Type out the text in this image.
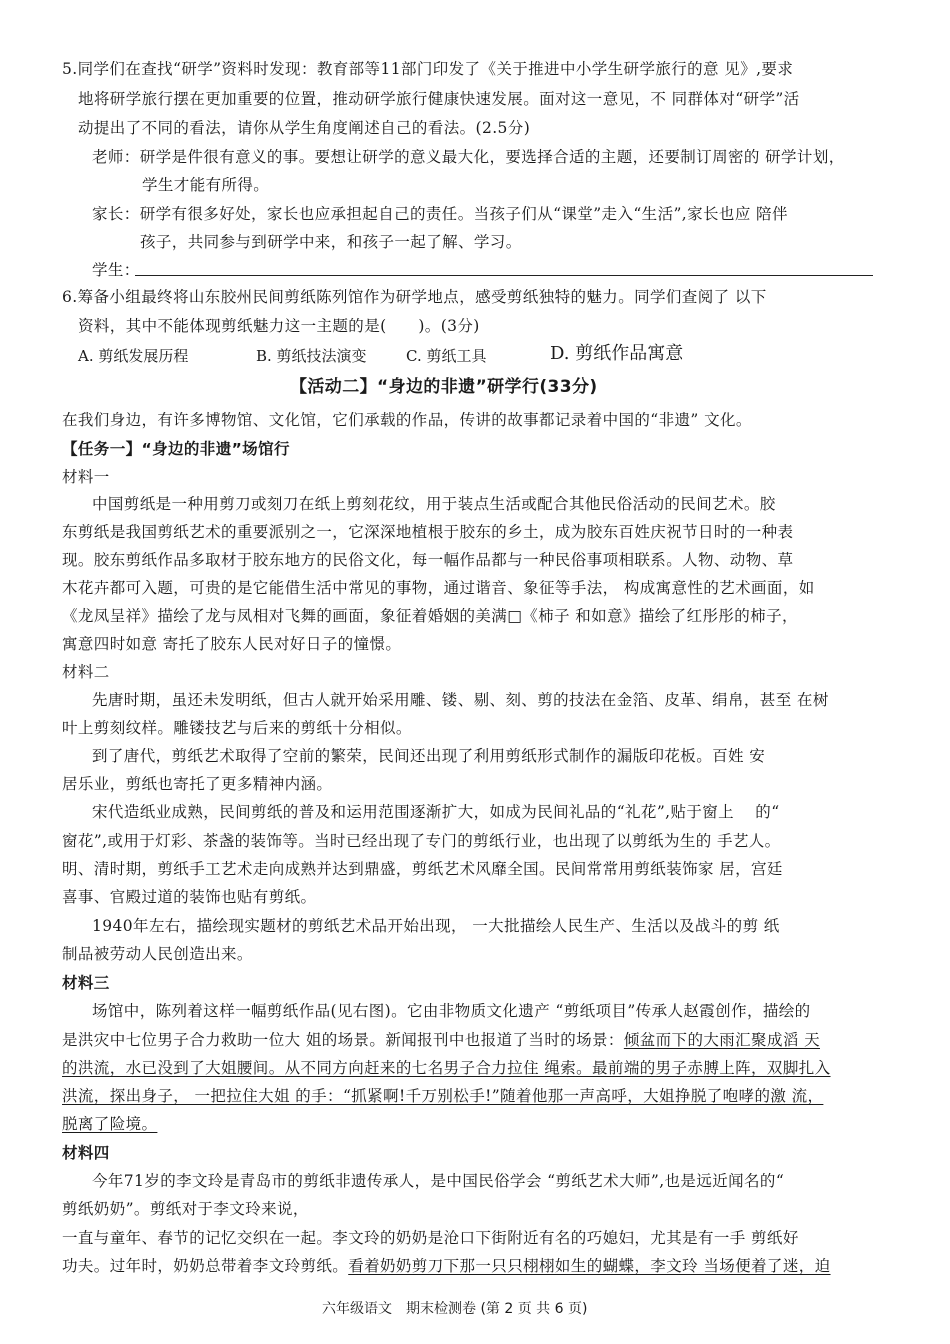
5.同学们在查找“研学”资料时发现：教育部等11部门印发了《关于推进中小学生研学旅行的意 见》,要求
地将研学旅行摆在更加重要的位置，推动研学旅行健康快速发展。面对这一意见，不 同群体对“研学”活
动提出了不同的看法，请你从学生角度阐述自己的看法。(2.5分)
老师：研学是件很有意义的事。要想让研学的意义最大化，要选择合适的主题，还要制订周密的 研学计划，
学生才能有所得。
家长：研学有很多好处，家长也应承担起自己的责任。当孩子们从“课堂”走入“生活”,家长也应 陪伴
孩子，共同参与到研学中来，和孩子一起了解、学习。
学生：
6.筹备小组最终将山东胶州民间剪纸陈列馆作为研学地点，感受剪纸独特的魅力。同学们查阅了 以下
资料，其中不能体现剪纸魅力这一主题的是(　　)。(3分)
A. 剪纸发展历程	B. 剪纸技法演变	C. 剪纸工具	D. 剪纸作品寓意
【活动二】“身边的非遗”研学行(33分)
在我们身边，有许多博物馆、文化馆，它们承载的作品，传讲的故事都记录着中国的“非遗” 文化。
【任务一】“身边的非遗”场馆行
材料一
中国剪纸是一种用剪刀或刻刀在纸上剪刻花纹，用于装点生活或配合其他民俗活动的民间艺术。胶
东剪纸是我国剪纸艺术的重要派别之一，它深深地植根于胶东的乡土，成为胶东百姓庆祝节日时的一种表
现。胶东剪纸作品多取材于胶东地方的民俗文化，每一幅作品都与一种民俗事项相联系。人物、动物、草
木花卉都可入题，可贵的是它能借生活中常见的事物，通过谐音、象征等手法， 构成寓意性的艺术画面，如
《龙凤呈祥》描绘了龙与凤相对飞舞的画面，象征着婚姻的美满□《柿子 和如意》描绘了红彤彤的柿子，
寓意四时如意 寄托了胶东人民对好日子的憧憬。
材料二
先唐时期，虽还未发明纸，但古人就开始采用雕、镂、剔、刻、剪的技法在金箔、皮革、绢帛，甚至 在树
叶上剪刻纹样。雕镂技艺与后来的剪纸十分相似。
到了唐代，剪纸艺术取得了空前的繁荣，民间还出现了利用剪纸形式制作的漏版印花板。百姓 安
居乐业，剪纸也寄托了更多精神内涵。
宋代造纸业成熟，民间剪纸的普及和运用范围逐渐扩大，如成为民间礼品的“礼花”,贴于窗上　 的“
窗花”,或用于灯彩、茶盏的装饰等。当时已经出现了专门的剪纸行业，也出现了以剪纸为生的 手艺人。
明、清时期，剪纸手工艺术走向成熟并达到鼎盛，剪纸艺术风靡全国。民间常常用剪纸装饰家 居，宫廷
喜事、官殿过道的装饰也贴有剪纸。
1940年左右，描绘现实题材的剪纸艺术品开始出现， 一大批描绘人民生产、生活以及战斗的剪 纸
制品被劳动人民创造出来。
材料三
场馆中，陈列着这样一幅剪纸作品(见右图)。它由非物质文化遗产 “剪纸项目”传承人赵霞创作，描绘的
是洪灾中七位男子合力救助一位大 姐的场景。新闻报刊中也报道了当时的场景：倾盆而下的大雨汇聚成滔 天
的洪流，水已没到了大姐腰间。从不同方向赶来的七名男子合力拉住 绳索。最前端的男子赤膊上阵，双脚扎入
洪流，探出身子， 一把拉住大姐 的手：“抓紧啊!千万别松手!”随着他那一声高呼，大姐挣脱了咆哮的激 流，
脱离了险境。
材料四
今年71岁的李文玲是青岛市的剪纸非遗传承人，是中国民俗学会 “剪纸艺术大师”,也是远近闻名的“
剪纸奶奶”。剪纸对于李文玲来说，
一直与童年、春节的记忆交织在一起。李文玲的奶奶是沧口下街附近有名的巧媳妇，尤其是有一手 剪纸好
功夫。过年时，奶奶总带着李文玲剪纸。看着奶奶剪刀下那一只只栩栩如生的蝴蝶，李文玲 当场便着了迷，迫
六年级语文　期末检测卷 (第 2 页 共 6 页)
